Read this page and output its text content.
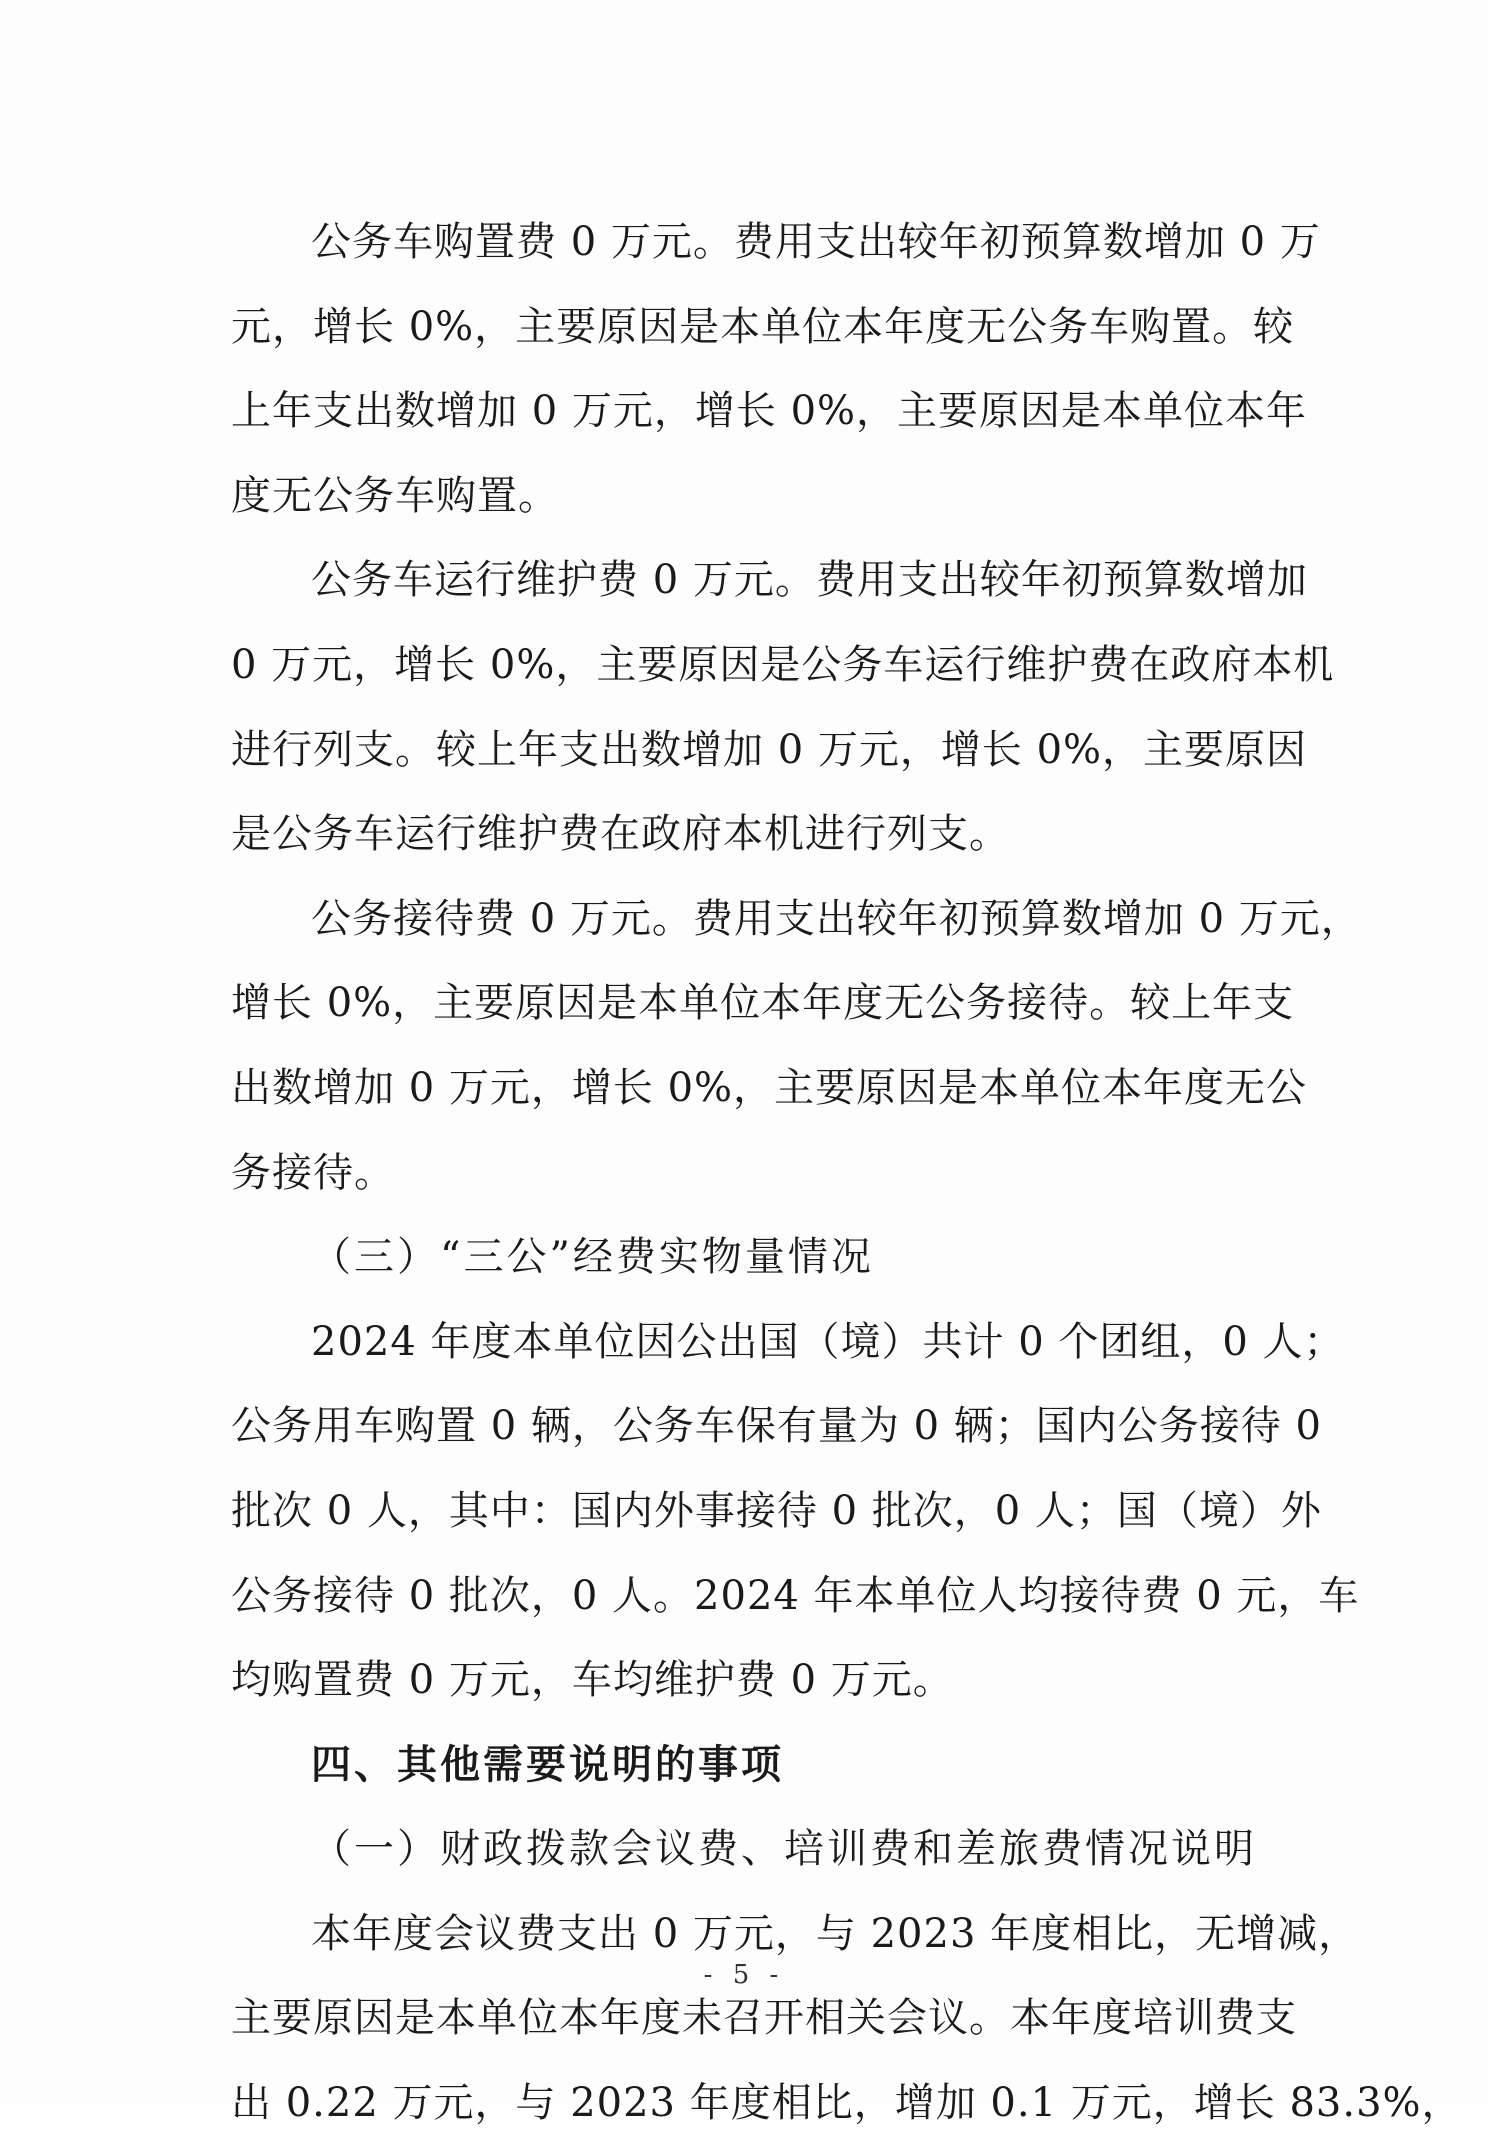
公务车购置费 0 万元。费用支出较年初预算数增加 0 万
元，增长 0%，主要原因是本单位本年度无公务车购置。较
上年支出数增加 0 万元，增长 0%，主要原因是本单位本年
度无公务车购置。
公务车运行维护费 0 万元。费用支出较年初预算数增加
0 万元，增长 0%，主要原因是公务车运行维护费在政府本机
进行列支。较上年支出数增加 0 万元，增长 0%，主要原因
是公务车运行维护费在政府本机进行列支。
公务接待费 0 万元。费用支出较年初预算数增加 0 万元，
增长 0%，主要原因是本单位本年度无公务接待。较上年支
出数增加 0 万元，增长 0%，主要原因是本单位本年度无公
务接待。
（三）“三公”经费实物量情况
2024 年度本单位因公出国（境）共计 0 个团组，0 人；
公务用车购置 0 辆，公务车保有量为 0 辆；国内公务接待 0
批次 0 人，其中：国内外事接待 0 批次，0 人；国（境）外
公务接待 0 批次，0 人。2024 年本单位人均接待费 0 元，车
均购置费 0 万元，车均维护费 0 万元。
四、其他需要说明的事项
（一）财政拨款会议费、培训费和差旅费情况说明
本年度会议费支出 0 万元，与 2023 年度相比，无增减，
主要原因是本单位本年度未召开相关会议。本年度培训费支
出 0.22 万元，与 2023 年度相比，增加 0.1 万元，增长 83.3%，
- 5 -
